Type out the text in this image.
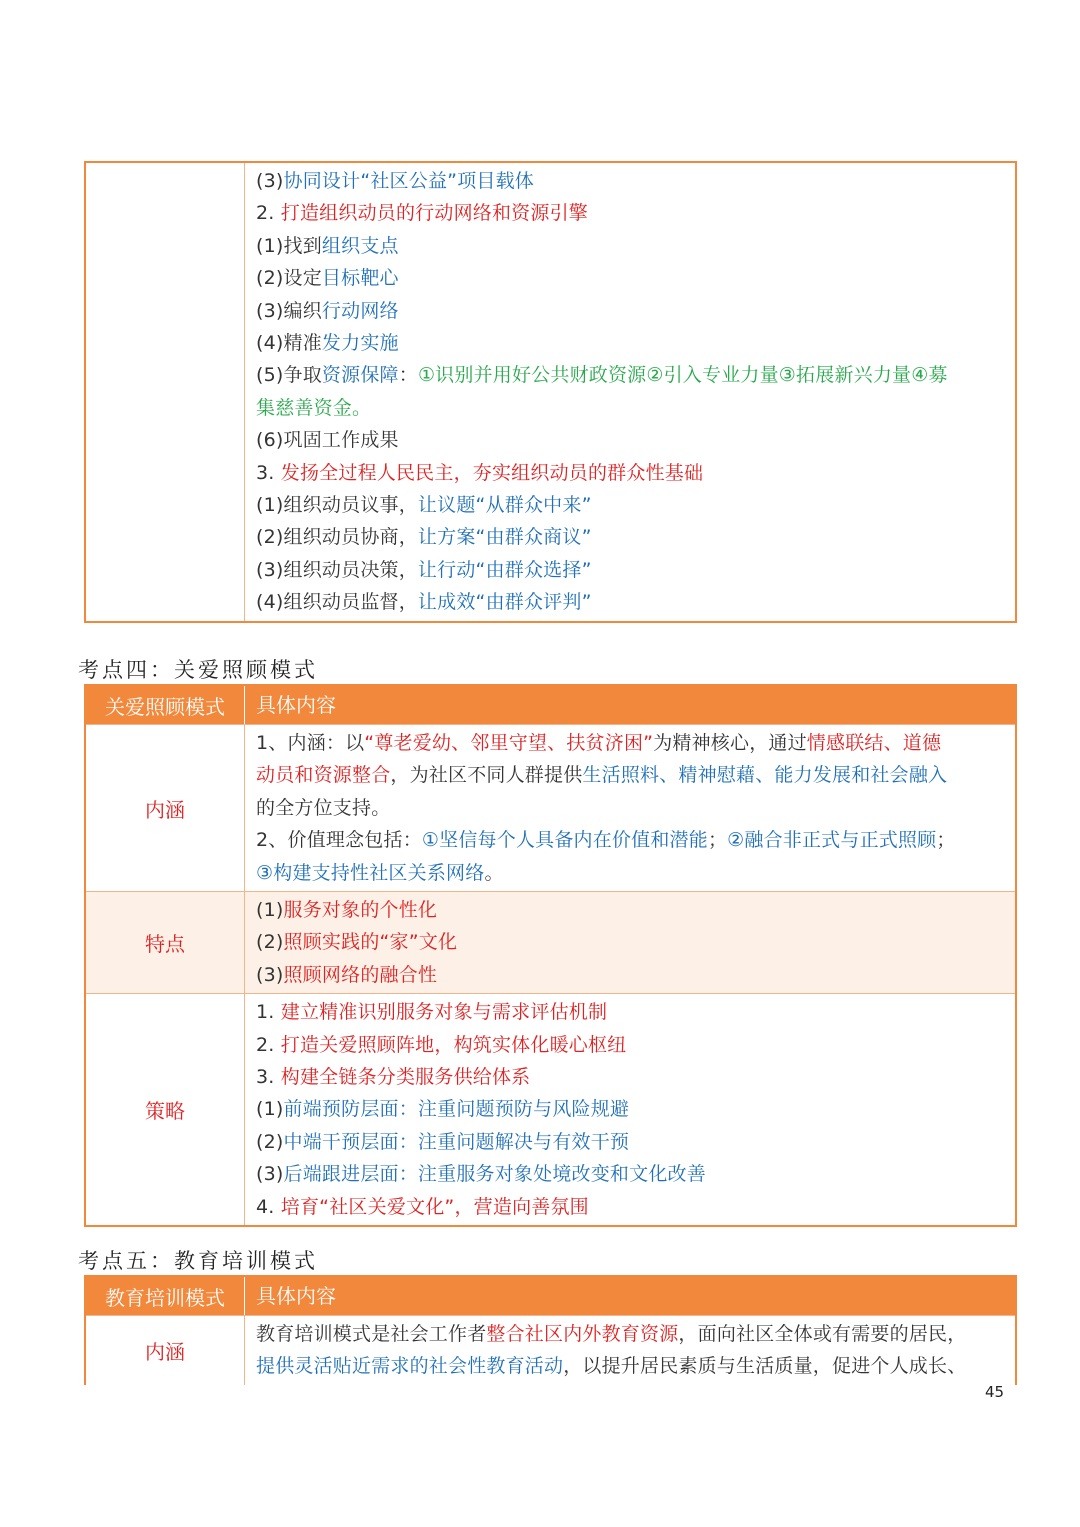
(3)协同设计“社区公益”项目载体
2. 打造组织动员的行动网络和资源引擎
(1)找到组织支点
(2)设定目标靶心
(3)编织行动网络
(4)精准发力实施
(5)争取资源保障：①识别并用好公共财政资源②引入专业力量③拓展新兴力量④募
集慈善资金。
(6)巩固工作成果
3. 发扬全过程人民民主，夯实组织动员的群众性基础
(1)组织动员议事，让议题“从群众中来”
(2)组织动员协商，让方案“由群众商议”
(3)组织动员决策，让行动“由群众选择”
(4)组织动员监督，让成效“由群众评判”
考点四：关爱照顾模式
关爱照顾模式	具体内容
内涵
1、内涵：以“尊老爱幼、邻里守望、扶贫济困”为精神核心，通过情感联结、道德
动员和资源整合，为社区不同人群提供生活照料、精神慰藉、能力发展和社会融入
的全方位支持。
2、价值理念包括：①坚信每个人具备内在价值和潜能；②融合非正式与正式照顾；
③构建支持性社区关系网络。
特点
(1)服务对象的个性化
(2)照顾实践的“家”文化
(3)照顾网络的融合性
策略
1. 建立精准识别服务对象与需求评估机制
2. 打造关爱照顾阵地，构筑实体化暖心枢纽
3. 构建全链条分类服务供给体系
(1)前端预防层面：注重问题预防与风险规避
(2)中端干预层面：注重问题解决与有效干预
(3)后端跟进层面：注重服务对象处境改变和文化改善
4. 培育“社区关爱文化”，营造向善氛围
考点五：教育培训模式
教育培训模式	具体内容
内涵
教育培训模式是社会工作者整合社区内外教育资源，面向社区全体或有需要的居民，
提供灵活贴近需求的社会性教育活动，以提升居民素质与生活质量，促进个人成长、
45
